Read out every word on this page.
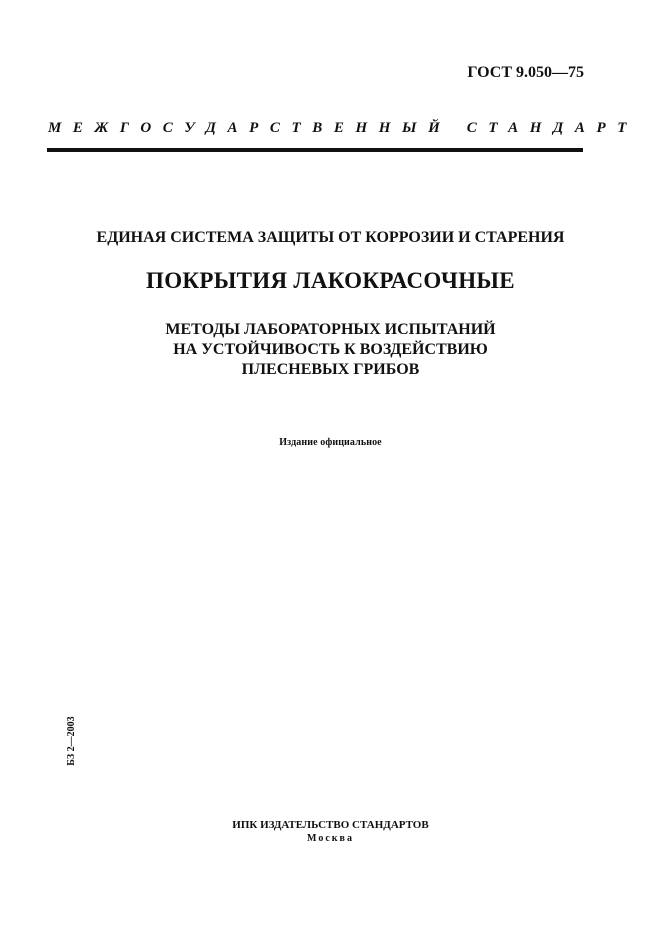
ГОСТ 9.050—75
МЕЖГОСУДАРСТВЕННЫЙ СТАНДАРТ
ЕДИНАЯ СИСТЕМА ЗАЩИТЫ ОТ КОРРОЗИИ И СТАРЕНИЯ
ПОКРЫТИЯ ЛАКОКРАСОЧНЫЕ
МЕТОДЫ ЛАБОРАТОРНЫХ ИСПЫТАНИЙ
НА УСТОЙЧИВОСТЬ К ВОЗДЕЙСТВИЮ
ПЛЕСНЕВЫХ ГРИБОВ
Издание официальное
БЗ 2—2003
ИПК ИЗДАТЕЛЬСТВО СТАНДАРТОВ
Москва
